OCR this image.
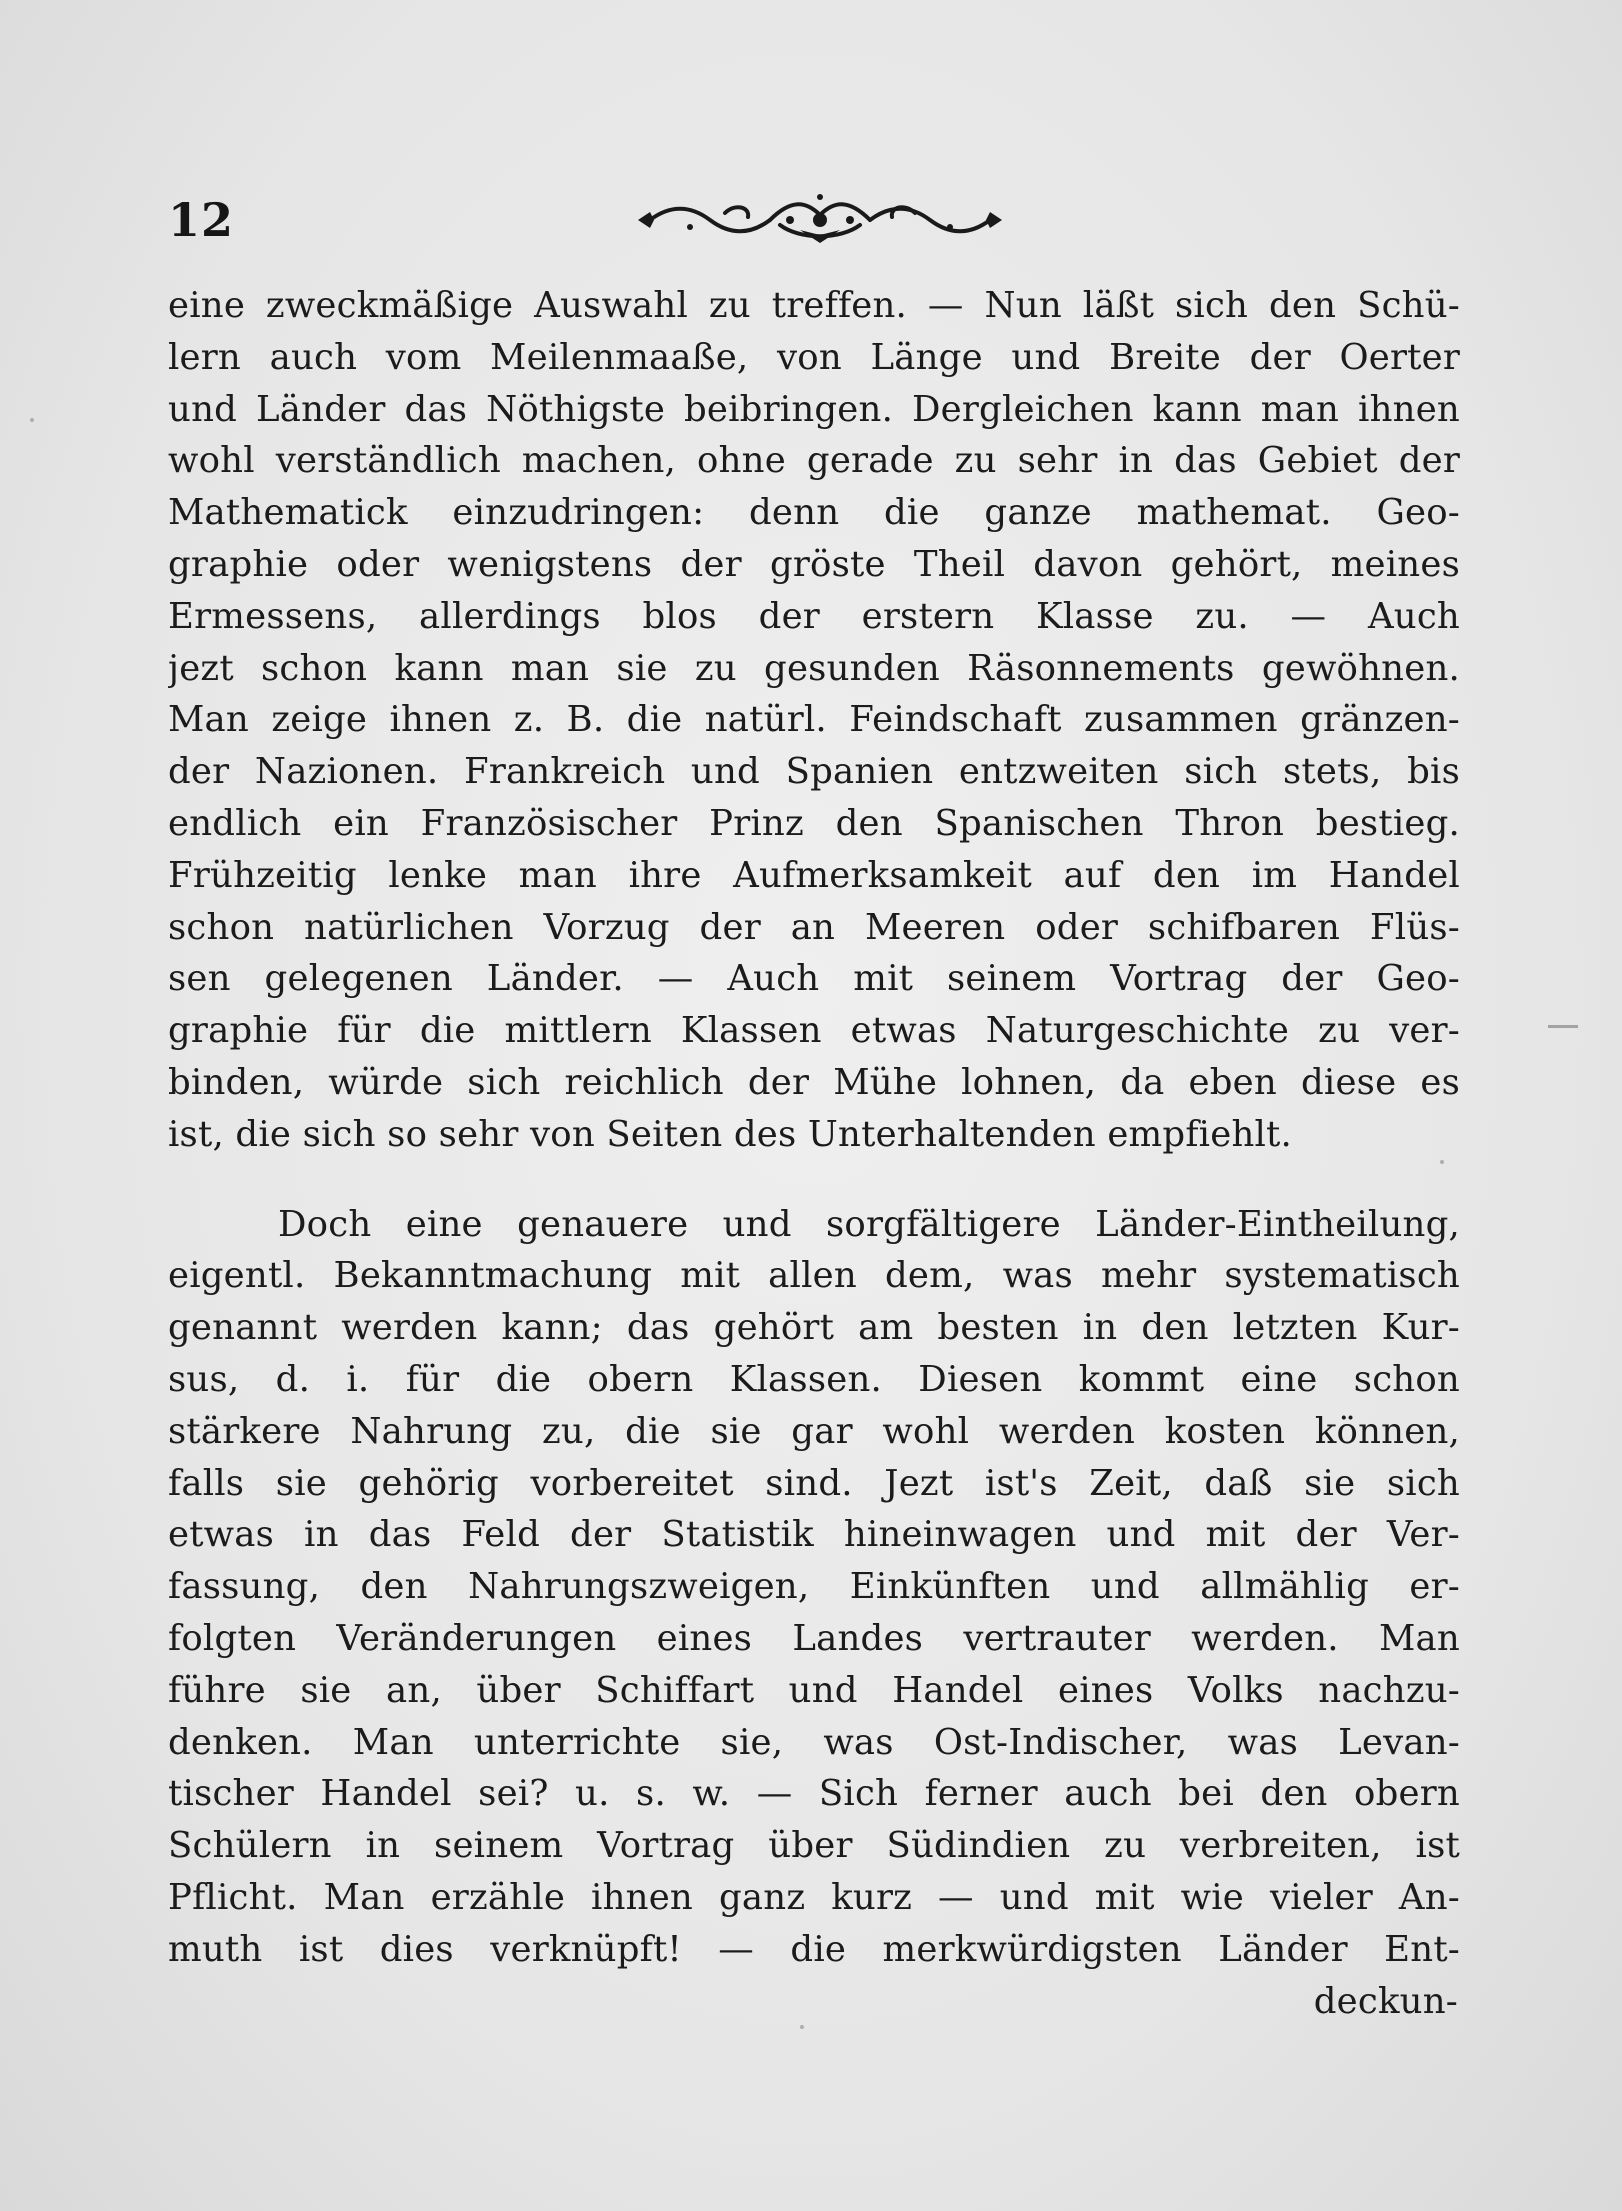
12
eine zweckmäßige Auswahl zu treffen. — Nun läßt sich den Schü-
lern auch vom Meilenmaaße, von Länge und Breite der Oerter
und Länder das Nöthigste beibringen. Dergleichen kann man ihnen
wohl verständlich machen, ohne gerade zu sehr in das Gebiet der
Mathematick einzudringen: denn die ganze mathemat. Geo-
graphie oder wenigstens der gröste Theil davon gehört, meines
Ermessens, allerdings blos der erstern Klasse zu. — Auch
jezt schon kann man sie zu gesunden Räsonnements gewöhnen.
Man zeige ihnen z. B. die natürl. Feindschaft zusammen gränzen-
der Nazionen. Frankreich und Spanien entzweiten sich stets, bis
endlich ein Französischer Prinz den Spanischen Thron bestieg.
Frühzeitig lenke man ihre Aufmerksamkeit auf den im Handel
schon natürlichen Vorzug der an Meeren oder schifbaren Flüs-
sen gelegenen Länder. — Auch mit seinem Vortrag der Geo-
graphie für die mittlern Klassen etwas Naturgeschichte zu ver-
binden, würde sich reichlich der Mühe lohnen, da eben diese es
ist, die sich so sehr von Seiten des Unterhaltenden empfiehlt.
Doch eine genauere und sorgfältigere Länder-Eintheilung,
eigentl. Bekanntmachung mit allen dem, was mehr systematisch
genannt werden kann; das gehört am besten in den letzten Kur-
sus, d. i. für die obern Klassen. Diesen kommt eine schon
stärkere Nahrung zu, die sie gar wohl werden kosten können,
falls sie gehörig vorbereitet sind. Jezt ist's Zeit, daß sie sich
etwas in das Feld der Statistik hineinwagen und mit der Ver-
fassung, den Nahrungszweigen, Einkünften und allmählig er-
folgten Veränderungen eines Landes vertrauter werden. Man
führe sie an, über Schiffart und Handel eines Volks nachzu-
denken. Man unterrichte sie, was Ost-Indischer, was Levan-
tischer Handel sei? u. s. w. — Sich ferner auch bei den obern
Schülern in seinem Vortrag über Südindien zu verbreiten, ist
Pflicht. Man erzähle ihnen ganz kurz — und mit wie vieler An-
muth ist dies verknüpft! — die merkwürdigsten Länder Ent-
deckun-
